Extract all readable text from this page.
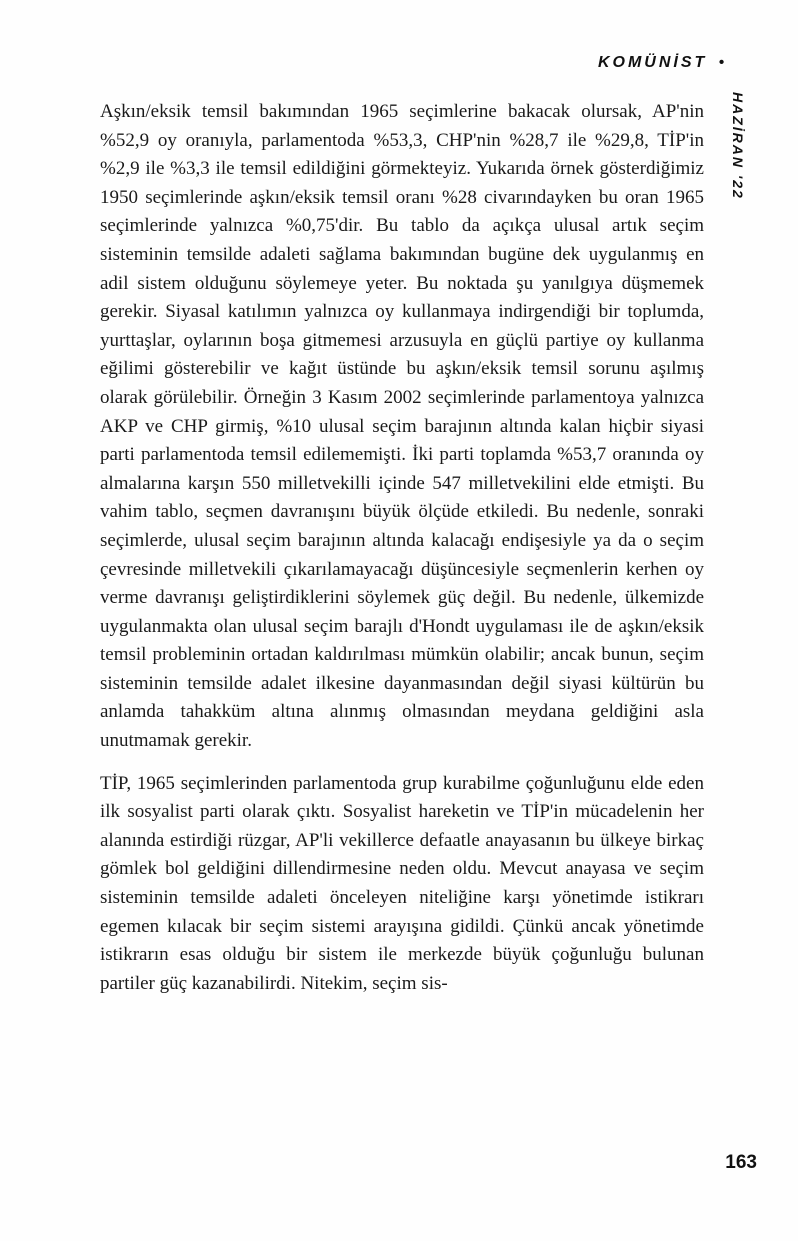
KOMÜNİST •
HAZİRAN '22

Aşkın/eksik temsil bakımından 1965 seçimlerine bakacak olursak, AP'nin %52,9 oy oranıyla, parlamentoda %53,3, CHP'nin %28,7 ile %29,8, TİP'in %2,9 ile %3,3 ile temsil edildiğini görmekteyiz. Yukarıda örnek gösterdiğimiz 1950 seçimlerinde aşkın/eksik temsil oranı %28 civarındayken bu oran 1965 seçimlerinde yalnızca %0,75'dir. Bu tablo da açıkça ulusal artık seçim sisteminin temsilde adaleti sağlama bakımından bugüne dek uygulanmış en adil sistem olduğunu söylemeye yeter. Bu noktada şu yanılgıya düşmemek gerekir. Siyasal katılımın yalnızca oy kullanmaya indirgendiği bir toplumda, yurttaşlar, oylarının boşa gitmemesi arzusuyla en güçlü partiye oy kullanma eğilimi gösterebilir ve kağıt üstünde bu aşkın/eksik temsil sorunu aşılmış olarak görülebilir. Örneğin 3 Kasım 2002 seçimlerinde parlamentoya yalnızca AKP ve CHP girmiş, %10 ulusal seçim barajının altında kalan hiçbir siyasi parti parlamentoda temsil edilememişti. İki parti toplamda %53,7 oranında oy almalarına karşın 550 milletvekilli içinde 547 milletvekilini elde etmişti. Bu vahim tablo, seçmen davranışını büyük ölçüde etkiledi. Bu nedenle, sonraki seçimlerde, ulusal seçim barajının altında kalacağı endişesiyle ya da o seçim çevresinde milletvekili çıkarılamayacağı düşüncesiyle seçmenlerin kerhen oy verme davranışı geliştirdiklerini söylemek güç değil. Bu nedenle, ülkemizde uygulanmakta olan ulusal seçim barajlı d'Hondt uygulaması ile de aşkın/eksik temsil probleminin ortadan kaldırılması mümkün olabilir; ancak bunun, seçim sisteminin temsilde adalet ilkesine dayanmasından değil siyasi kültürün bu anlamda tahakküm altına alınmış olmasından meydana geldiğini asla unutmamak gerekir.

TİP, 1965 seçimlerinden parlamentoda grup kurabilme çoğunluğunu elde eden ilk sosyalist parti olarak çıktı. Sosyalist hareketin ve TİP'in mücadelenin her alanında estirdiği rüzgar, AP'li vekillerce defaatle anayasanın bu ülkeye birkaç gömlek bol geldiğini dillendirmesine neden oldu. Mevcut anayasa ve seçim sisteminin temsilde adaleti önceleyen niteliğine karşı yönetimde istikrarı egemen kılacak bir seçim sistemi arayışına gidildi. Çünkü ancak yönetimde istikrarın esas olduğu bir sistem ile merkezde büyük çoğunluğu bulunan partiler güç kazanabilirdi. Nitekim, seçim sis-

163
